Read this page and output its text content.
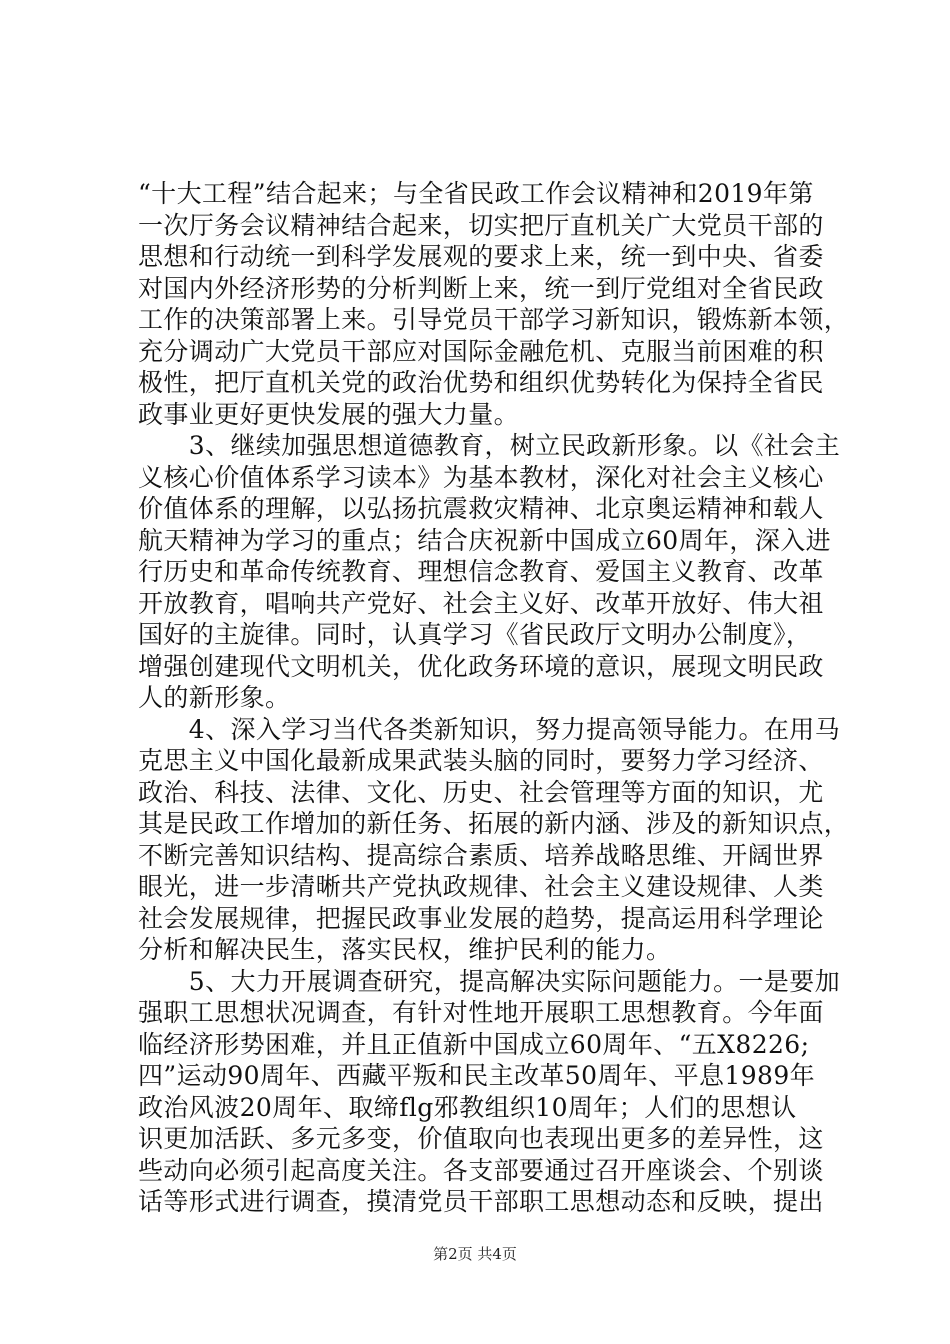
“十大工程”结合起来；与全省民政工作会议精神和2019年第
一次厅务会议精神结合起来，切实把厅直机关广大党员干部的
思想和行动统一到科学发展观的要求上来，统一到中央、省委
对国内外经济形势的分析判断上来，统一到厅党组对全省民政
工作的决策部署上来。引导党员干部学习新知识，锻炼新本领，
充分调动广大党员干部应对国际金融危机、克服当前困难的积
极性，把厅直机关党的政治优势和组织优势转化为保持全省民
政事业更好更快发展的强大力量。
　　3、继续加强思想道德教育，树立民政新形象。以《社会主
义核心价值体系学习读本》为基本教材，深化对社会主义核心
价值体系的理解，以弘扬抗震救灾精神、北京奥运精神和载人
航天精神为学习的重点；结合庆祝新中国成立60周年，深入进
行历史和革命传统教育、理想信念教育、爱国主义教育、改革
开放教育，唱响共产党好、社会主义好、改革开放好、伟大祖
国好的主旋律。同时，认真学习《省民政厅文明办公制度》，
增强创建现代文明机关，优化政务环境的意识，展现文明民政
人的新形象。
　　4、深入学习当代各类新知识，努力提高领导能力。在用马
克思主义中国化最新成果武装头脑的同时，要努力学习经济、
政治、科技、法律、文化、历史、社会管理等方面的知识，尤
其是民政工作增加的新任务、拓展的新内涵、涉及的新知识点，
不断完善知识结构、提高综合素质、培养战略思维、开阔世界
眼光，进一步清晰共产党执政规律、社会主义建设规律、人类
社会发展规律，把握民政事业发展的趋势，提高运用科学理论
分析和解决民生，落实民权，维护民利的能力。
　　5、大力开展调查研究，提高解决实际问题能力。一是要加
强职工思想状况调查，有针对性地开展职工思想教育。今年面
临经济形势困难，并且正值新中国成立60周年、“五X8226;
四”运动90周年、西藏平叛和民主改革50周年、平息1989年
政治风波20周年、取缔flg邪教组织10周年；人们的思想认
识更加活跃、多元多变，价值取向也表现出更多的差异性，这
些动向必须引起高度关注。各支部要通过召开座谈会、个别谈
话等形式进行调查，摸清党员干部职工思想动态和反映，提出
第2页 共4页
